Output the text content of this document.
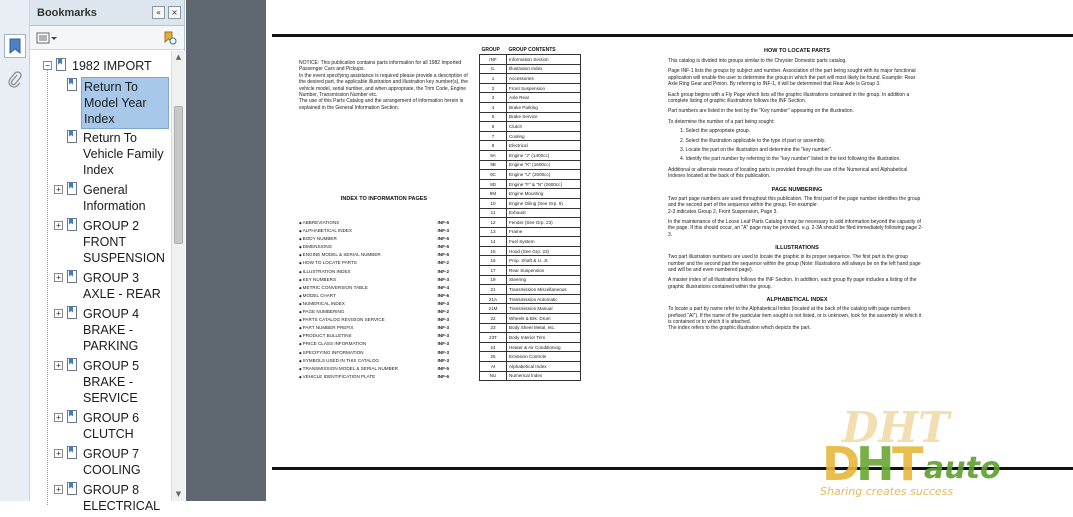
Bookmarks	«	×
− 1982 IMPORT
Return To
Model Year
Index
Return To
Vehicle Family
Index
+ General
Information
+ GROUP 2
FRONT
SUSPENSION
+ GROUP 3
AXLE - REAR
+ GROUP 4
BRAKE -
PARKING
+ GROUP 5
BRAKE -
SERVICE
+ GROUP 6
CLUTCH
+ GROUP 7
COOLING
+ GROUP 8
ELECTRICAL
▲
▼
NOTICE: This publication contains parts information for all 1982 Imported Passenger Cars and Pickups.
In the event specifying assistance is required please provide a description of the desired part, the applicable illustration and illustration key number(s), the vehicle model, serial number, and when appropriate, the Trim Code, Engine Number, Transmission Number etc.
The use of this Parts Catalog and the arrangement of information herein is explained in the General Information Section.
INDEX TO INFORMATION PAGES
◆ ABBREVIATIONS	INF-5
◆ ALPHABETICAL INDEX	INF-3
◆ BODY NUMBER	INF-5
◆ DIMENSIONS	INF-5
◆ ENGINE MODEL & SERIAL NUMBER	INF-5
◆ HOW TO LOCATE PARTS	INF-2
◆ ILLUSTRATION INDEX	INF-2
◆ KEY NUMBERS	INF-3
◆ METRIC CONVERSION TABLE	INF-4
◆ MODEL CHART	INF-6
◆ NUMERICAL INDEX	INF-3
◆ PAGE NUMBERING	INF-2
◆ PARTS CATALOG REVISION SERVICE	INF-3
◆ PART NUMBER PREFIX	INF-3
◆ PRODUCT BULLETINS	INF-3
◆ PRICE CLASS INFORMATION	INF-3
◆ SPECIFYING INFORMATION	INF-3
◆ SYMBOLS USED IN THIS CATALOG	INF-3
◆ TRANSMISSION MODEL & SERIAL NUMBER	INF-5
◆ VEHICLE IDENTIFICATION PLATE	INF-6
GROUP	GROUP CONTENTS
INF	Information Section
IL	Illustration Index
1	Accessories
2	Front Suspension
3	Axle Rear
4	Brake Parking
5	Brake Service
6	Clutch
7	Cooling
8	Electrical
9A	Engine "J" (1400cc)
9B	Engine "K" (1600cc)
9C	Engine "U" (2000cc)
9D	Engine "F" & "N" (2600cc)
9M	Engine Mounting
10	Engine Oiling (See Grp. 9)
11	Exhaust
12	Fender (See Grp. 23)
13	Frame
14	Fuel System
15	Hood (See Grp. 23)
16	Prop. Shaft & U. Jt.
17	Rear Suspension
19	Steering
21	Transmission Miscellaneous
21A	Transmission Automatic
21M	Transmission Manual
22	Wheels & Brk. Drum
23	Body Sheet Metal, etc.
23T	Body Interior Trim
24	Heater & Air Conditioning
25	Emission Controls
AI	Alphabetical Index
NU	Numerical Index
HOW TO LOCATE PARTS
This catalog is divided into groups similar to the Chrysler Domestic parts catalog.
Page INF-1 lists the groups by subject and number. Association of the part being sought with its major functional application will enable the user to determine the group in which the part will most likely be found. Example: Rear Axle Ring Gear and Pinion. By referring to INF-1, it will be determined that Rear Axle is Group 3.
Each group begins with a Fly Page which lists all the graphic illustrations contained in the group. In addition a complete listing of graphic illustrations follows the INF Section.
Part numbers are listed in the text by the "Key number" appearing on the illustration.
To determine the number of a part being sought:
1. Select the appropriate group.
2. Select the illustration applicable to the type of part or assembly.
3. Locate the part on the illustration and determine the "key number".
4. Identify the part number by referring to the "key number" listed in the text following the illustration.
Additional or alternate means of locating parts is provided through the use of the Numerical and Alphabetical Indexes located at the back of this publication.
PAGE NUMBERING
Two part page numbers are used throughout this publication. The first part of the page number identifies the group and the second part of the sequence within the group. For example:
2-3 indicates Group 2, Front Suspension, Page 3.
In the maintenance of the Loose Leaf Parts Catalog it may be necessary to add information beyond the capacity of the page. If this should occur, an "A" page may be provided, e.g. 2-3A should be filed immediately following page 2-3.
ILLUSTRATIONS
Two part illustration numbers are used to locate the graphic in its proper sequence. The first part is the group number and the second part the sequence within the group (Note: Illustrations will always be on the left hand page and will be and even numbered page).
A master index of all illustrations follows the INF Section. In addition, each group fly page includes a listing of the graphic illustrations contained within the group.
ALPHABETICAL INDEX
To locate a part by name refer to the Alphabetical Index (located at the back of the catalog with page numbers prefixed "AI"). If the name of the particular item sought is not listed, or is unknown, look for the assembly in which it is contained or to which it is attached.
The index refers to the graphic illustration which depicts the part.
DHT
D
H
T auto
Sharing creates success
